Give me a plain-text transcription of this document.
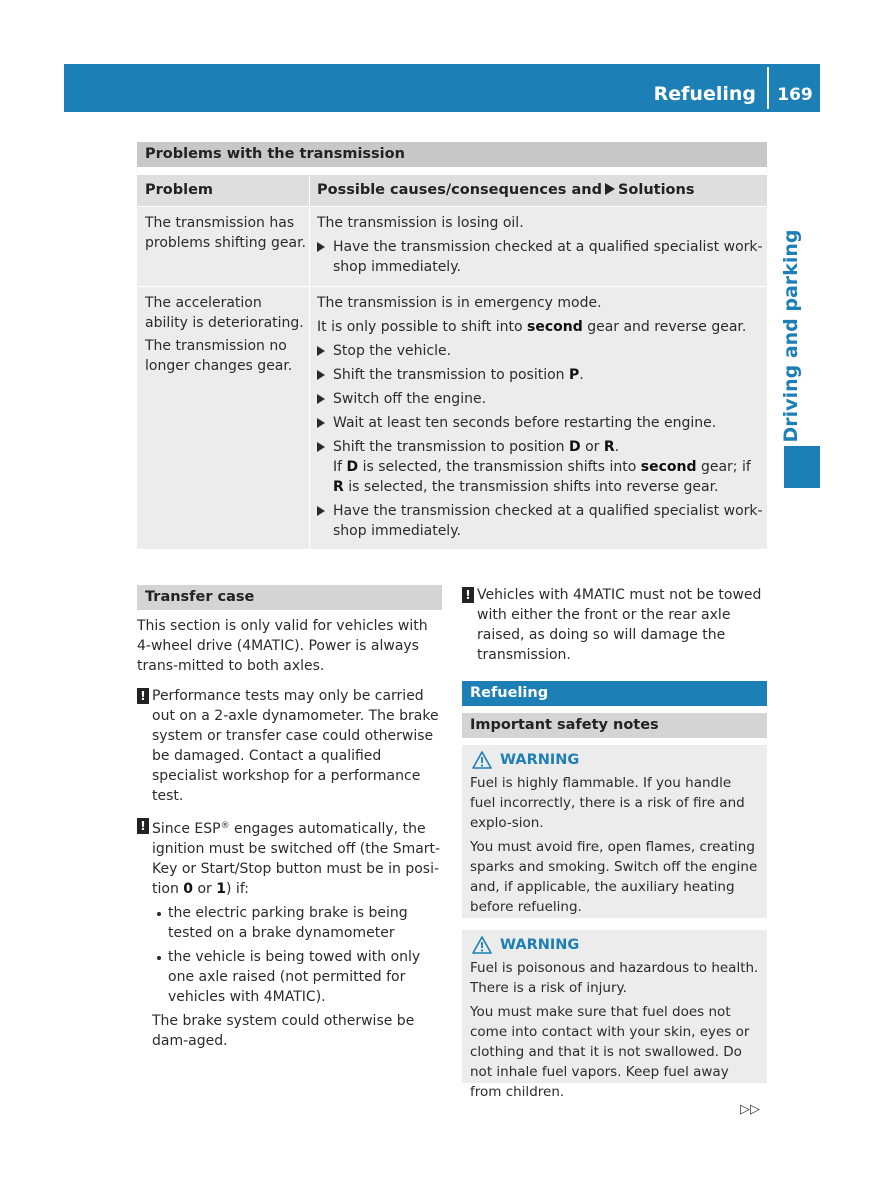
Refueling	169
Driving and parking
Problems with the transmission
Problem	Possible causes/consequences and Solutions

The transmission has problems shifting gear.

The transmission is losing oil.

Have the transmission checked at a qualified specialist work-shop immediately.

The acceleration ability is deteriorating.

The transmission no longer changes gear.

The transmission is in emergency mode.

It is only possible to shift into second gear and reverse gear.

Stop the vehicle.
Shift the transmission to position P.
Switch off the engine.
Wait at least ten seconds before restarting the engine.
Shift the transmission to position D or R.
If D is selected, the transmission shifts into second gear; if R is selected, the transmission shifts into reverse gear.
Have the transmission checked at a qualified specialist work-shop immediately.
Transfer case

This section is only valid for vehicles with 4-wheel drive (4MATIC). Power is always trans-mitted to both axles.

! Performance tests may only be carried out on a 2-axle dynamometer. The brake system or transfer case could otherwise be damaged. Contact a qualified specialist workshop for a performance test.

! Since ESP® engages automatically, the ignition must be switched off (the Smart-Key or Start/Stop button must be in posi-tion 0 or 1) if:

the electric parking brake is being tested on a brake dynamometer
the vehicle is being towed with only one axle raised (not permitted for vehicles with 4MATIC).

The brake system could otherwise be dam-aged.

! Vehicles with 4MATIC must not be towed with either the front or the rear axle raised, as doing so will damage the transmission.

Refueling
Important safety notes
WARNING

Fuel is highly flammable. If you handle fuel incorrectly, there is a risk of fire and explo-sion.

You must avoid fire, open flames, creating sparks and smoking. Switch off the engine and, if applicable, the auxiliary heating before refueling.

WARNING

Fuel is poisonous and hazardous to health. There is a risk of injury.

You must make sure that fuel does not come into contact with your skin, eyes or clothing and that it is not swallowed. Do not inhale fuel vapors. Keep fuel away from children.

▷▷
